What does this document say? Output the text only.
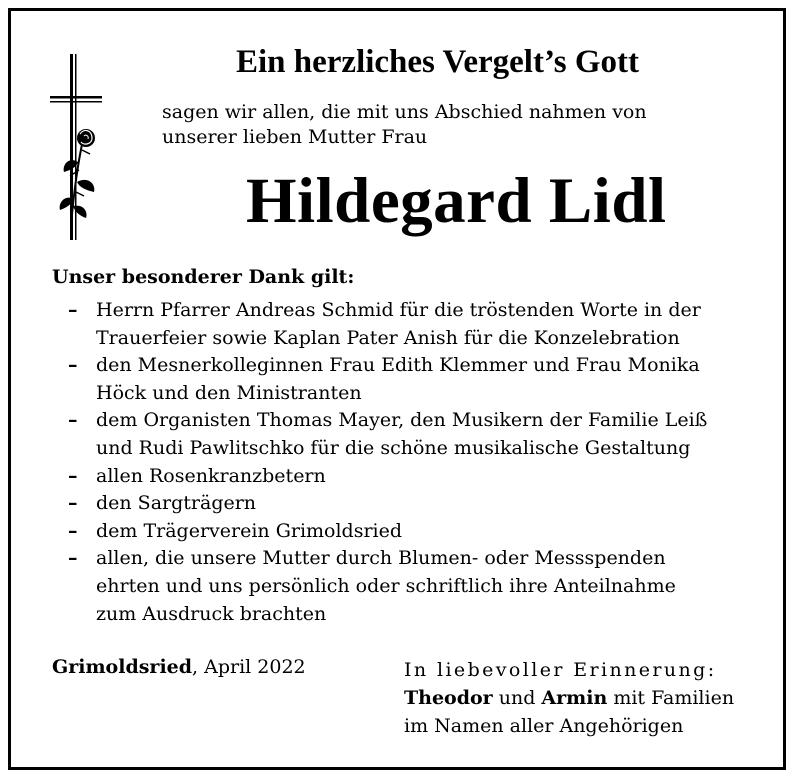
Ein herzliches Vergelt’s Gott
sagen wir allen, die mit uns Abschied nahmen von
unserer lieben Mutter Frau
Hildegard Lidl
Unser besonderer Dank gilt:
– Herrn Pfarrer Andreas Schmid für die tröstenden Worte in der
Trauerfeier sowie Kaplan Pater Anish für die Konzelebration
– den Mesnerkolleginnen Frau Edith Klemmer und Frau Monika
Höck und den Ministranten
– dem Organisten Thomas Mayer, den Musikern der Familie Leiß
und Rudi Pawlitschko für die schöne musikalische Gestaltung
– allen Rosenkranzbetern
– den Sargträgern
– dem Trägerverein Grimoldsried
– allen, die unsere Mutter durch Blumen- oder Messspenden
ehrten und uns persönlich oder schriftlich ihre Anteilnahme
zum Ausdruck brachten
Grimoldsried, April 2022	In liebevoller Erinnerung:
Theodor und Armin mit Familien
im Namen aller Angehörigen
